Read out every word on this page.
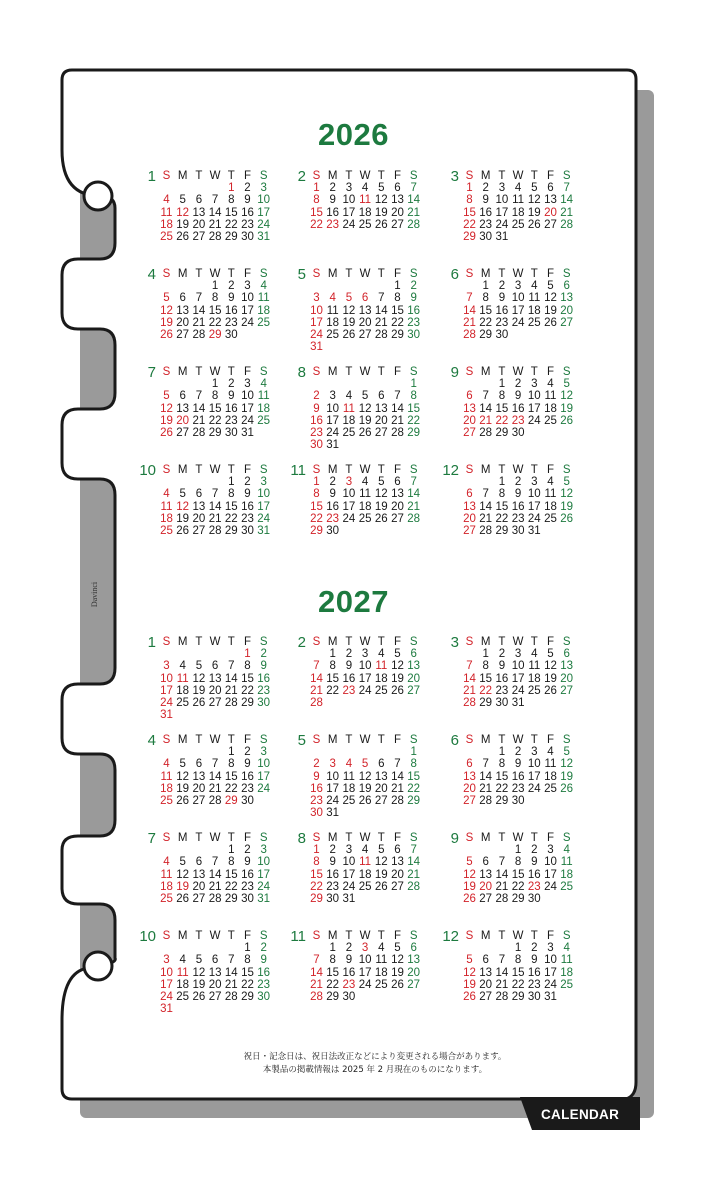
2026
2027
1 S M T W T F S
1 2 3
4 5 6 7 8 9 10
11 12 13 14 15 16 17
18 19 20 21 22 23 24
25 26 27 28 29 30 31
2 S M T W T F S
1 2 3 4 5 6 7
8 9 10 11 12 13 14
15 16 17 18 19 20 21
22 23 24 25 26 27 28
3 S M T W T F S
1 2 3 4 5 6 7
8 9 10 11 12 13 14
15 16 17 18 19 20 21
22 23 24 25 26 27 28
29 30 31
4 S M T W T F S
1 2 3 4
5 6 7 8 9 10 11
12 13 14 15 16 17 18
19 20 21 22 23 24 25
26 27 28 29 30
5 S M T W T F S
1 2
3 4 5 6 7 8 9
10 11 12 13 14 15 16
17 18 19 20 21 22 23
24 25 26 27 28 29 30
31
6 S M T W T F S
1 2 3 4 5 6
7 8 9 10 11 12 13
14 15 16 17 18 19 20
21 22 23 24 25 26 27
28 29 30
7 S M T W T F S
1 2 3 4
5 6 7 8 9 10 11
12 13 14 15 16 17 18
19 20 21 22 23 24 25
26 27 28 29 30 31
8 S M T W T F S
1
2 3 4 5 6 7 8
9 10 11 12 13 14 15
16 17 18 19 20 21 22
23 24 25 26 27 28 29
30 31
9 S M T W T F S
1 2 3 4 5
6 7 8 9 10 11 12
13 14 15 16 17 18 19
20 21 22 23 24 25 26
27 28 29 30
10 S M T W T F S
1 2 3
4 5 6 7 8 9 10
11 12 13 14 15 16 17
18 19 20 21 22 23 24
25 26 27 28 29 30 31
11 S M T W T F S
1 2 3 4 5 6 7
8 9 10 11 12 13 14
15 16 17 18 19 20 21
22 23 24 25 26 27 28
29 30
12 S M T W T F S
1 2 3 4 5
6 7 8 9 10 11 12
13 14 15 16 17 18 19
20 21 22 23 24 25 26
27 28 29 30 31
1 S M T W T F S
1 2
3 4 5 6 7 8 9
10 11 12 13 14 15 16
17 18 19 20 21 22 23
24 25 26 27 28 29 30
31
2 S M T W T F S
1 2 3 4 5 6
7 8 9 10 11 12 13
14 15 16 17 18 19 20
21 22 23 24 25 26 27
28
3 S M T W T F S
1 2 3 4 5 6
7 8 9 10 11 12 13
14 15 16 17 18 19 20
21 22 23 24 25 26 27
28 29 30 31
4 S M T W T F S
1 2 3
4 5 6 7 8 9 10
11 12 13 14 15 16 17
18 19 20 21 22 23 24
25 26 27 28 29 30
5 S M T W T F S
1
2 3 4 5 6 7 8
9 10 11 12 13 14 15
16 17 18 19 20 21 22
23 24 25 26 27 28 29
30 31
6 S M T W T F S
1 2 3 4 5
6 7 8 9 10 11 12
13 14 15 16 17 18 19
20 21 22 23 24 25 26
27 28 29 30
7 S M T W T F S
1 2 3
4 5 6 7 8 9 10
11 12 13 14 15 16 17
18 19 20 21 22 23 24
25 26 27 28 29 30 31
8 S M T W T F S
1 2 3 4 5 6 7
8 9 10 11 12 13 14
15 16 17 18 19 20 21
22 23 24 25 26 27 28
29 30 31
9 S M T W T F S
1 2 3 4
5 6 7 8 9 10 11
12 13 14 15 16 17 18
19 20 21 22 23 24 25
26 27 28 29 30
10 S M T W T F S
1 2
3 4 5 6 7 8 9
10 11 12 13 14 15 16
17 18 19 20 21 22 23
24 25 26 27 28 29 30
31
11 S M T W T F S
1 2 3 4 5 6
7 8 9 10 11 12 13
14 15 16 17 18 19 20
21 22 23 24 25 26 27
28 29 30
12 S M T W T F S
1 2 3 4
5 6 7 8 9 10 11
12 13 14 15 16 17 18
19 20 21 22 23 24 25
26 27 28 29 30 31
祝日・記念日は、祝日法改正などにより変更される場合があります。
本製品の掲載情報は 2025 年 2 月現在のものになります。
Davinci
CALENDAR
